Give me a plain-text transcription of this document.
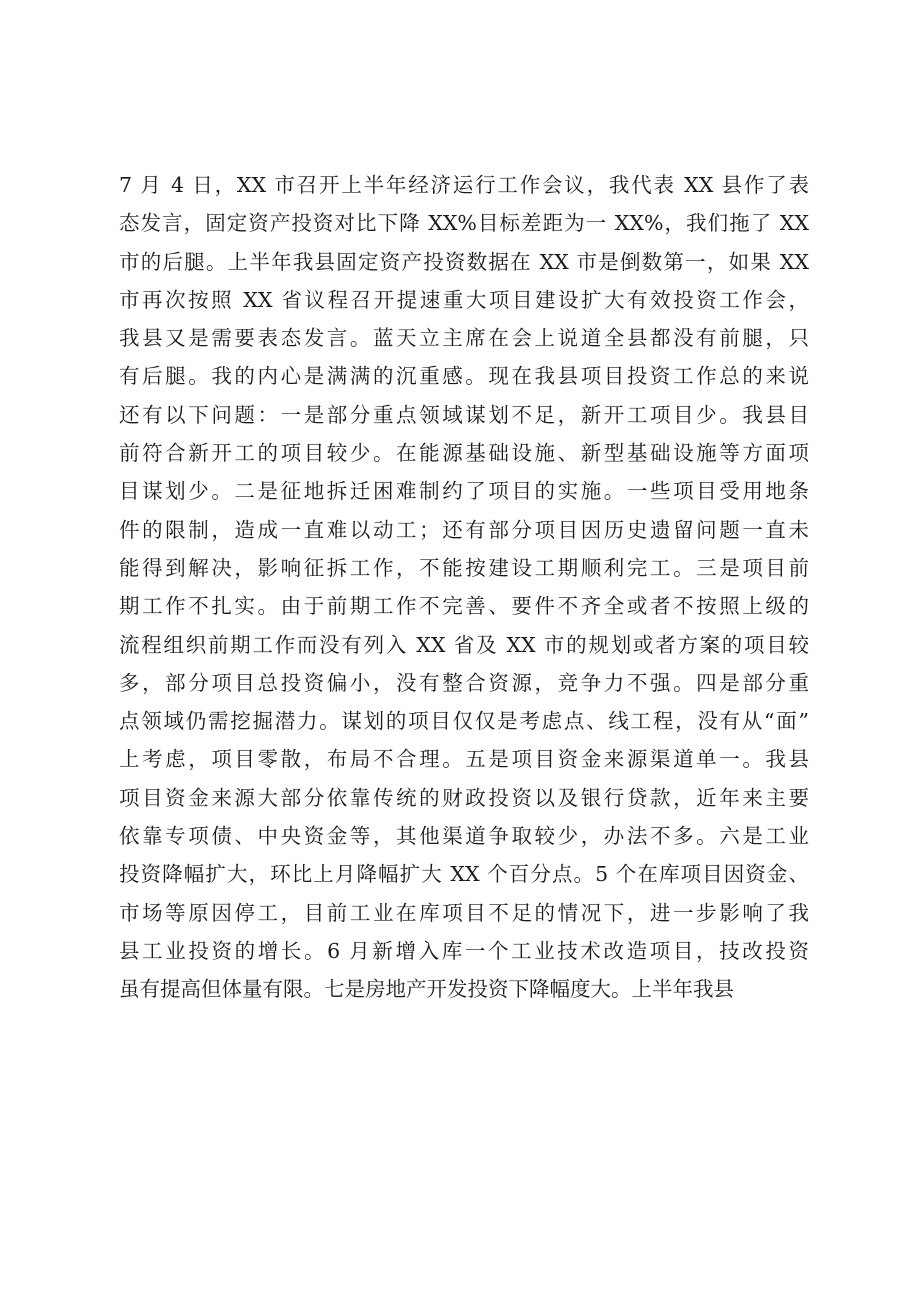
7 月 4 日，XX 市召开上半年经济运行工作会议，我代表 XX 县作了表
态发言，固定资产投资对比下降 XX%目标差距为一 XX%，我们拖了 XX
市的后腿。上半年我县固定资产投资数据在 XX 市是倒数第一，如果 XX
市再次按照 XX 省议程召开提速重大项目建设扩大有效投资工作会，
我县又是需要表态发言。蓝天立主席在会上说道全县都没有前腿，只
有后腿。我的内心是满满的沉重感。现在我县项目投资工作总的来说
还有以下问题：一是部分重点领域谋划不足，新开工项目少。我县目
前符合新开工的项目较少。在能源基础设施、新型基础设施等方面项
目谋划少。二是征地拆迁困难制约了项目的实施。一些项目受用地条
件的限制，造成一直难以动工；还有部分项目因历史遗留问题一直未
能得到解决，影响征拆工作，不能按建设工期顺利完工。三是项目前
期工作不扎实。由于前期工作不完善、要件不齐全或者不按照上级的
流程组织前期工作而没有列入 XX 省及 XX 市的规划或者方案的项目较
多，部分项目总投资偏小，没有整合资源，竞争力不强。四是部分重
点领域仍需挖掘潜力。谋划的项目仅仅是考虑点、线工程，没有从“面”
上考虑，项目零散，布局不合理。五是项目资金来源渠道单一。我县
项目资金来源大部分依靠传统的财政投资以及银行贷款，近年来主要
依靠专项债、中央资金等，其他渠道争取较少，办法不多。六是工业
投资降幅扩大，环比上月降幅扩大 XX 个百分点。5 个在库项目因资金、
市场等原因停工，目前工业在库项目不足的情况下，进一步影响了我
县工业投资的增长。6 月新增入库一个工业技术改造项目，技改投资
虽有提高但体量有限。七是房地产开发投资下降幅度大。上半年我县
